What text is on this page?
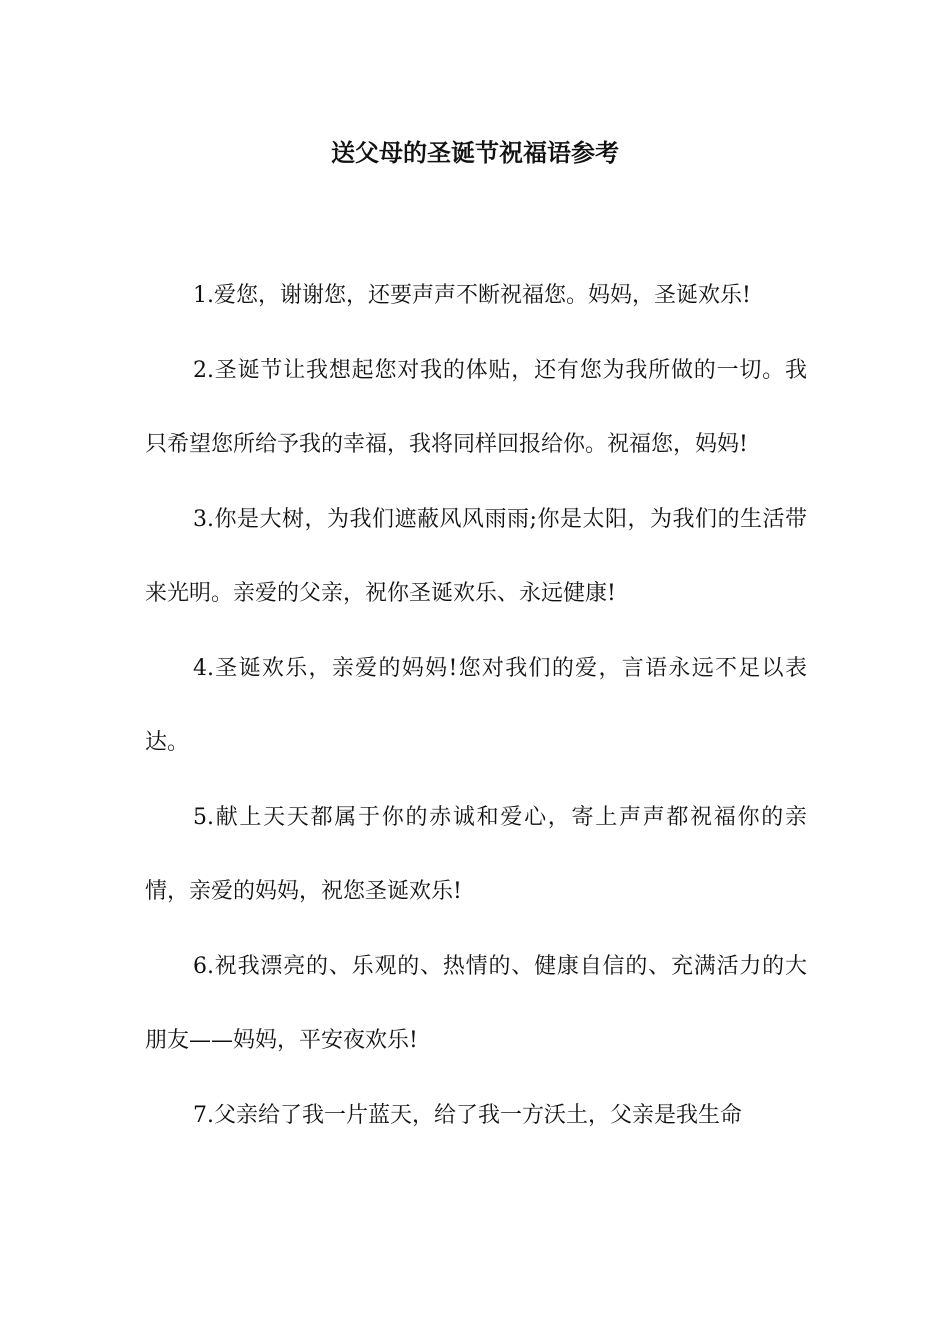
送父母的圣诞节祝福语参考

1.爱您，谢谢您，还要声声不断祝福您。妈妈，圣诞欢乐!

2.圣诞节让我想起您对我的体贴，还有您为我所做的一切。我只希望您所给予我的幸福，我将同样回报给你。祝福您，妈妈!

3.你是大树，为我们遮蔽风风雨雨;你是太阳，为我们的生活带来光明。亲爱的父亲，祝你圣诞欢乐、永远健康!

4.圣诞欢乐，亲爱的妈妈!您对我们的爱，言语永远不足以表达。

5.献上天天都属于你的赤诚和爱心，寄上声声都祝福你的亲情，亲爱的妈妈，祝您圣诞欢乐!

6.祝我漂亮的、乐观的、热情的、健康自信的、充满活力的大朋友——妈妈，平安夜欢乐!

7.父亲给了我一片蓝天，给了我一方沃土，父亲是我生命
